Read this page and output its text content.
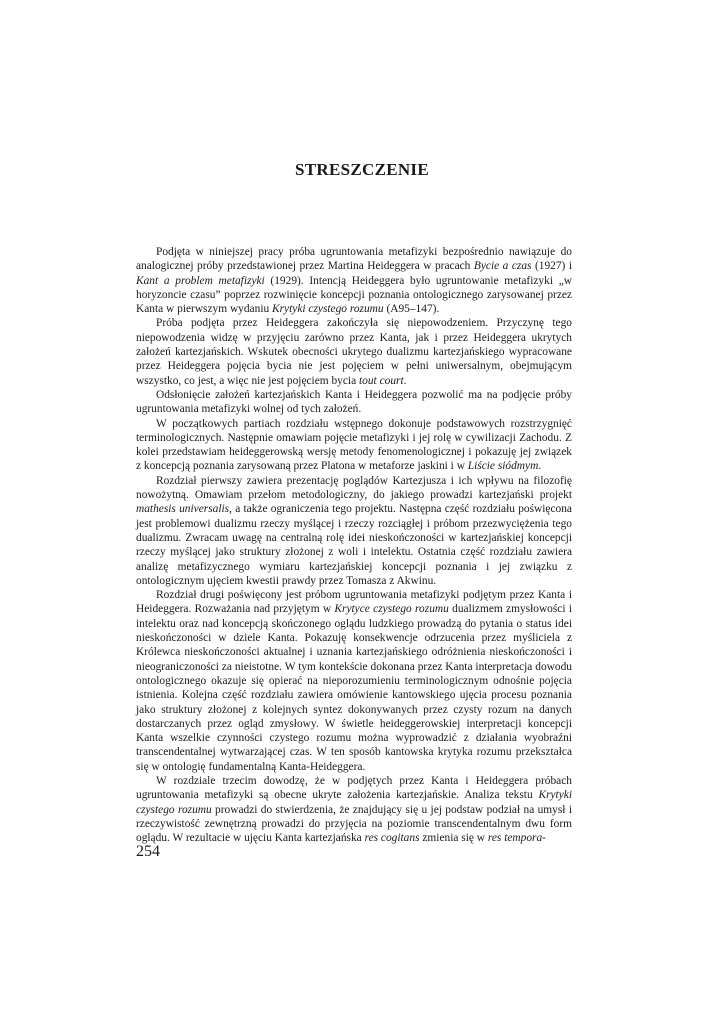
STRESZCZENIE

Podjęta w niniejszej pracy próba ugruntowania metafizyki bezpośrednio nawiązuje do analogicznej próby przedstawionej przez Martina Heideggera w pracach Bycie a czas (1927) i Kant a problem metafizyki (1929). Intencją Heideggera było ugruntowanie metafizyki „w horyzoncie czasu” poprzez rozwinięcie koncepcji poznania ontologicznego zarysowanej przez Kanta w pierwszym wydaniu Krytyki czystego rozumu (A95–147).

Próba podjęta przez Heideggera zakończyła się niepowodzeniem. Przyczynę tego niepowodzenia widzę w przyjęciu zarówno przez Kanta, jak i przez Heideggera ukrytych założeń kartezjańskich. Wskutek obecności ukrytego dualizmu kartezjańskiego wypracowane przez Heideggera pojęcia bycia nie jest pojęciem w pełni uniwersalnym, obejmującym wszystko, co jest, a więc nie jest pojęciem bycia tout court.

Odsłonięcie założeń kartezjańskich Kanta i Heideggera pozwolić ma na podjęcie próby ugruntowania metafizyki wolnej od tych założeń.

W początkowych partiach rozdziału wstępnego dokonuje podstawowych rozstrzygnięć terminologicznych. Następnie omawiam pojęcie metafizyki i jej rolę w cywilizacji Zachodu. Z kolei przedstawiam heideggerowską wersję metody fenomenologicznej i pokazuję jej związek z koncepcją poznania zarysowaną przez Platona w metaforze jaskini i w Liście siódmym.

Rozdział pierwszy zawiera prezentację poglądów Kartezjusza i ich wpływu na filozofię nowożytną. Omawiam przełom metodologiczny, do jakiego prowadzi kartezjański projekt mathesis universalis, a także ograniczenia tego projektu. Następna część rozdziału poświęcona jest problemowi dualizmu rzeczy myślącej i rzeczy rozciągłej i próbom przezwyciężenia tego dualizmu. Zwracam uwagę na centralną rolę idei nieskończoności w kartezjańskiej koncepcji rzeczy myślącej jako struktury złożonej z woli i intelektu. Ostatnia część rozdziału zawiera analizę metafizycznego wymiaru kartezjańskiej koncepcji poznania i jej związku z ontologicznym ujęciem kwestii prawdy przez Tomasza z Akwinu.

Rozdział drugi poświęcony jest próbom ugruntowania metafizyki podjętym przez Kanta i Heideggera. Rozważania nad przyjętym w Krytyce czystego rozumu dualizmem zmysłowości i intelektu oraz nad koncepcją skończonego oglądu ludzkiego prowadzą do pytania o status idei nieskończoności w dziele Kanta. Pokazuję konsekwencje odrzucenia przez myśliciela z Królewca nieskończoności aktualnej i uznania kartezjańskiego odróżnienia nieskończoności i nieograniczoności za nieistotne. W tym kontekście dokonana przez Kanta interpretacja dowodu ontologicznego okazuje się opierać na nieporozumieniu terminologicznym odnośnie pojęcia istnienia. Kolejna część rozdziału zawiera omówienie kantowskiego ujęcia procesu poznania jako struktury złożonej z kolejnych syntez dokonywanych przez czysty rozum na danych dostarczanych przez ogląd zmysłowy. W świetle heideggerowskiej interpretacji koncepcji Kanta wszelkie czynności czystego rozumu można wyprowadzić z działania wyobraźni transcendentalnej wytwarzającej czas. W ten sposób kantowska krytyka rozumu przekształca się w ontologię fundamentalną Kanta-Heideggera.

W rozdziale trzecim dowodzę, że w podjętych przez Kanta i Heideggera próbach ugruntowania metafizyki są obecne ukryte założenia kartezjańskie. Analiza tekstu Krytyki czystego rozumu prowadzi do stwierdzenia, że znajdujący się u jej podstaw podział na umysł i rzeczywistość zewnętrzną prowadzi do przyjęcia na poziomie transcendentalnym dwu form oglądu. W rezultacie w ujęciu Kanta kartezjańska res cogitans zmienia się w res tempora-

254
